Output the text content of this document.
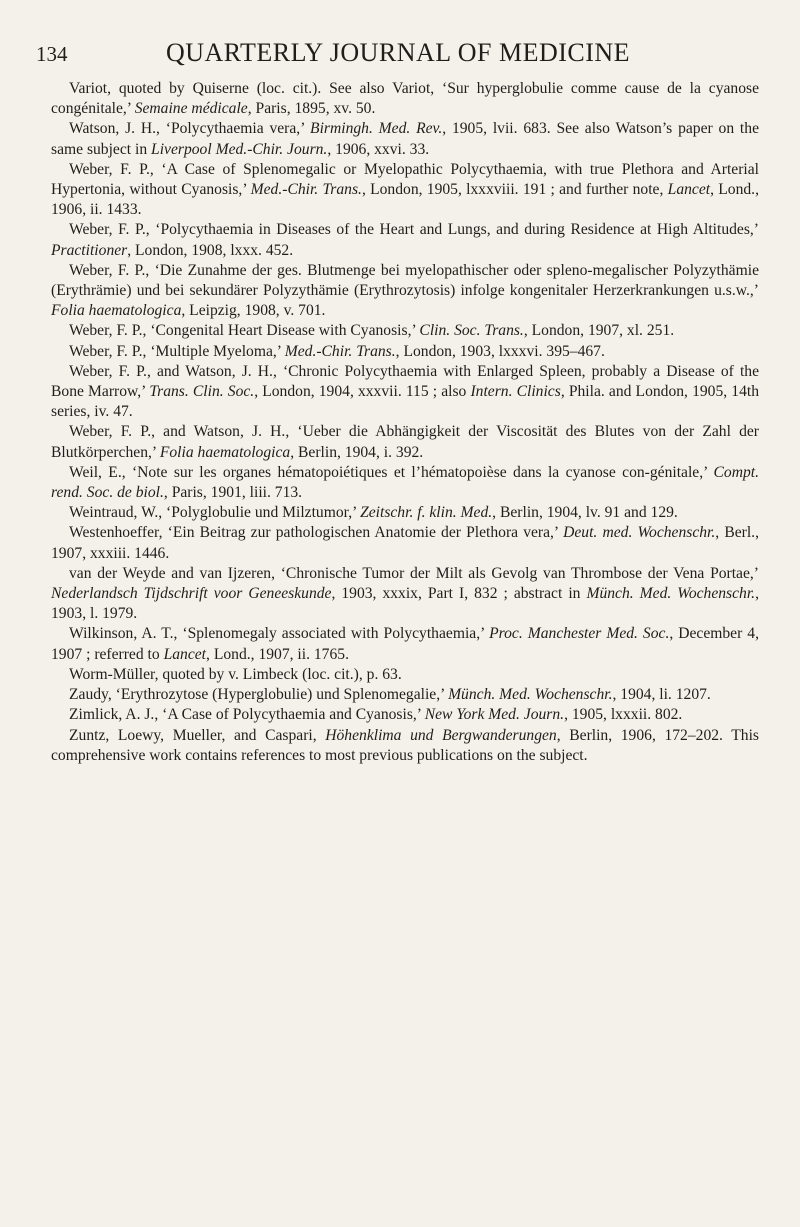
134	QUARTERLY JOURNAL OF MEDICINE

Variot, quoted by Quiserne (loc. cit.). See also Variot, ‘Sur hyperglobulie comme cause de la cyanose congénitale,’ Semaine médicale, Paris, 1895, xv. 50.

Watson, J. H., ‘Polycythaemia vera,’ Birmingh. Med. Rev., 1905, lvii. 683. See also Watson’s paper on the same subject in Liverpool Med.-Chir. Journ., 1906, xxvi. 33.

Weber, F. P., ‘A Case of Splenomegalic or Myelopathic Polycythaemia, with true Plethora and Arterial Hypertonia, without Cyanosis,’ Med.-Chir. Trans., London, 1905, lxxxviii. 191 ; and further note, Lancet, Lond., 1906, ii. 1433.

Weber, F. P., ‘Polycythaemia in Diseases of the Heart and Lungs, and during Residence at High Altitudes,’ Practitioner, London, 1908, lxxx. 452.

Weber, F. P., ‘Die Zunahme der ges. Blutmenge bei myelopathischer oder spleno-megalischer Polyzythämie (Erythrämie) und bei sekundärer Polyzythämie (Erythrozytosis) infolge kongenitaler Herzerkrankungen u.s.w.,’ Folia haematologica, Leipzig, 1908, v. 701.

Weber, F. P., ‘Congenital Heart Disease with Cyanosis,’ Clin. Soc. Trans., London, 1907, xl. 251.

Weber, F. P., ‘Multiple Myeloma,’ Med.-Chir. Trans., London, 1903, lxxxvi. 395–467.

Weber, F. P., and Watson, J. H., ‘Chronic Polycythaemia with Enlarged Spleen, probably a Disease of the Bone Marrow,’ Trans. Clin. Soc., London, 1904, xxxvii. 115 ; also Intern. Clinics, Phila. and London, 1905, 14th series, iv. 47.

Weber, F. P., and Watson, J. H., ‘Ueber die Abhängigkeit der Viscosität des Blutes von der Zahl der Blutkörperchen,’ Folia haematologica, Berlin, 1904, i. 392.

Weil, E., ‘Note sur les organes hématopoiétiques et l’hématopoièse dans la cyanose con-génitale,’ Compt. rend. Soc. de biol., Paris, 1901, liii. 713.

Weintraud, W., ‘Polyglobulie und Milztumor,’ Zeitschr. f. klin. Med., Berlin, 1904, lv. 91 and 129.

Westenhoeffer, ‘Ein Beitrag zur pathologischen Anatomie der Plethora vera,’ Deut. med. Wochenschr., Berl., 1907, xxxiii. 1446.

van der Weyde and van Ijzeren, ‘Chronische Tumor der Milt als Gevolg van Thrombose der Vena Portae,’ Nederlandsch Tijdschrift voor Geneeskunde, 1903, xxxix, Part I, 832 ; abstract in Münch. Med. Wochenschr., 1903, l. 1979.

Wilkinson, A. T., ‘Splenomegaly associated with Polycythaemia,’ Proc. Manchester Med. Soc., December 4, 1907 ; referred to Lancet, Lond., 1907, ii. 1765.

Worm-Müller, quoted by v. Limbeck (loc. cit.), p. 63.

Zaudy, ‘Erythrozytose (Hyperglobulie) und Splenomegalie,’ Münch. Med. Wochenschr., 1904, li. 1207.

Zimlick, A. J., ‘A Case of Polycythaemia and Cyanosis,’ New York Med. Journ., 1905, lxxxii. 802.

Zuntz, Loewy, Mueller, and Caspari, Höhenklima und Bergwanderungen, Berlin, 1906, 172–202. This comprehensive work contains references to most previous publications on the subject.
